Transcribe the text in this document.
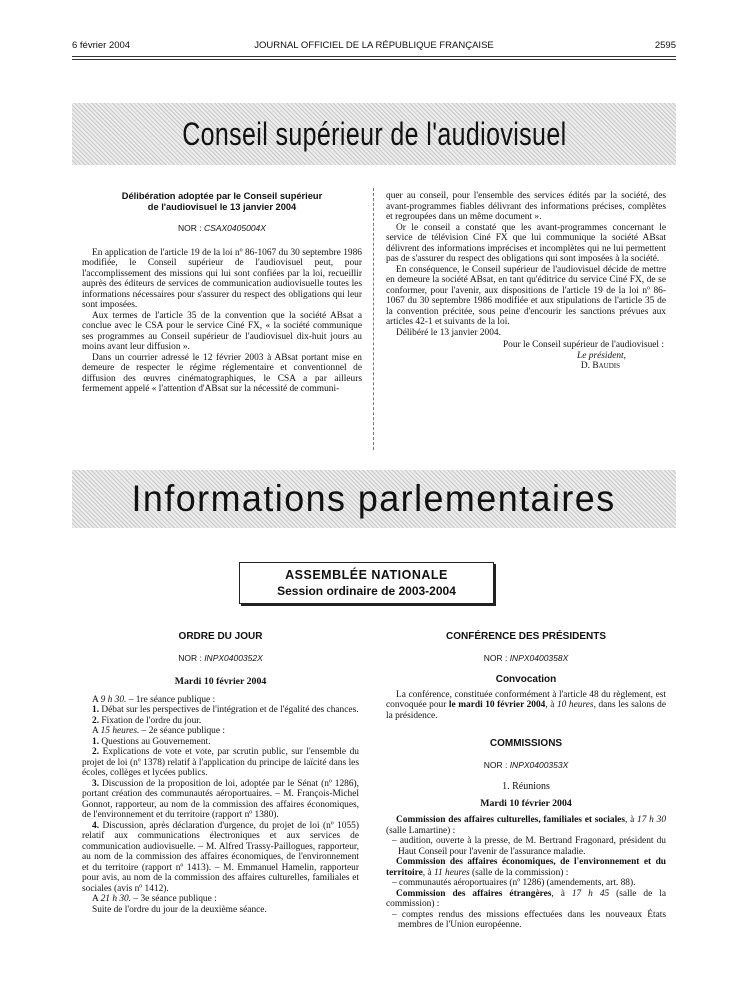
6 février 2004	JOURNAL OFFICIEL DE LA RÉPUBLIQUE FRANÇAISE	2595
Conseil supérieur de l'audiovisuel
Délibération adoptée par le Conseil supérieur
de l'audiovisuel le 13 janvier 2004
NOR : CSAX0405004X

En application de l'article 19 de la loi nº 86-1067 du 30 septembre 1986 modifiée, le Conseil supérieur de l'audiovisuel peut, pour l'accomplissement des missions qui lui sont confiées par la loi, recueillir auprès des éditeurs de services de communication audiovisuelle toutes les informations nécessaires pour s'assurer du respect des obligations qui leur sont imposées.

Aux termes de l'article 35 de la convention que la société ABsat a conclue avec le CSA pour le service Ciné FX, « la société communique ses programmes au Conseil supérieur de l'audiovisuel dix-huit jours au moins avant leur diffusion ».

Dans un courrier adressé le 12 février 2003 à ABsat portant mise en demeure de respecter le régime réglementaire et conventionnel de diffusion des œuvres cinématographiques, le CSA a par ailleurs fermement appelé « l'attention d'ABsat sur la nécessité de communi-

quer au conseil, pour l'ensemble des services édités par la société, des avant-programmes fiables délivrant des informations précises, complètes et regroupées dans un même document ».

Or le conseil a constaté que les avant-programmes concernant le service de télévision Ciné FX que lui communique la société ABsat délivrent des informations imprécises et incomplètes qui ne lui permettent pas de s'assurer du respect des obligations qui sont imposées à la société.

En conséquence, le Conseil supérieur de l'audiovisuel décide de mettre en demeure la société ABsat, en tant qu'éditrice du service Ciné FX, de se conformer, pour l'avenir, aux dispositions de l'article 19 de la loi nº 86-1067 du 30 septembre 1986 modifiée et aux stipulations de l'article 35 de la convention précitée, sous peine d'encourir les sanctions prévues aux articles 42-1 et suivants de la loi.

Délibéré le 13 janvier 2004.

Pour le Conseil supérieur de l'audiovisuel :
Le président,
D. Baudis
Informations parlementaires
ASSEMBLÉE NATIONALE
Session ordinaire de 2003-2004
ORDRE DU JOUR
NOR : INPX0400352X
Mardi 10 février 2004

A 9 h 30. – 1re séance publique :

1. Débat sur les perspectives de l'intégration et de l'égalité des chances.

2. Fixation de l'ordre du jour.

A 15 heures. – 2e séance publique :

1. Questions au Gouvernement.

2. Explications de vote et vote, par scrutin public, sur l'ensemble du projet de loi (nº 1378) relatif à l'application du principe de laïcité dans les écoles, collèges et lycées publics.

3. Discussion de la proposition de loi, adoptée par le Sénat (nº 1286), portant création des communautés aéroportuaires. – M. François-Michel Gonnot, rapporteur, au nom de la commission des affaires économiques, de l'environnement et du territoire (rapport nº 1380).

4. Discussion, après déclaration d'urgence, du projet de loi (nº 1055) relatif aux communications électroniques et aux services de communication audiovisuelle. – M. Alfred Trassy-Paillogues, rapporteur, au nom de la commission des affaires économiques, de l'environnement et du territoire (rapport nº 1413). – M. Emmanuel Hamelin, rapporteur pour avis, au nom de la commission des affaires culturelles, familiales et sociales (avis nº 1412).

A 21 h 30. – 3e séance publique :

Suite de l'ordre du jour de la deuxième séance.

CONFÉRENCE DES PRÉSIDENTS
NOR : INPX0400358X
Convocation

La conférence, constituée conformément à l'article 48 du règlement, est convoquée pour le mardi 10 février 2004, à 10 heures, dans les salons de la présidence.

COMMISSIONS
NOR : INPX0400353X
1. Réunions
Mardi 10 février 2004

Commission des affaires culturelles, familiales et sociales, à 17 h 30 (salle Lamartine) :

– audition, ouverte à la presse, de M. Bertrand Fragonard, président du Haut Conseil pour l'avenir de l'assurance maladie.

Commission des affaires économiques, de l'environnement et du territoire, à 11 heures (salle de la commission) :

– communautés aéroportuaires (nº 1286) (amendements, art. 88).

Commission des affaires étrangères, à 17 h 45 (salle de la commission) :

– comptes rendus des missions effectuées dans les nouveaux États membres de l'Union européenne.
